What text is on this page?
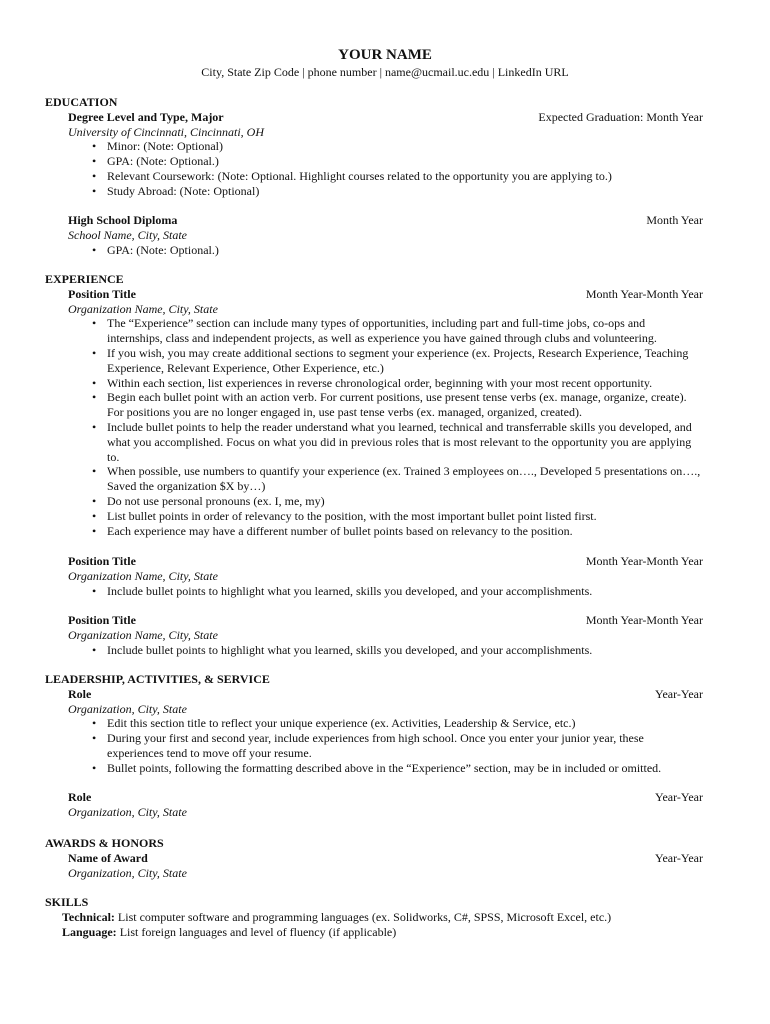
YOUR NAME
City, State Zip Code | phone number | name@ucmail.uc.edu | LinkedIn URL
EDUCATION
Degree Level and Type, Major	Expected Graduation: Month Year
University of Cincinnati, Cincinnati, OH
• Minor: (Note: Optional)
• GPA: (Note: Optional.)
• Relevant Coursework: (Note: Optional. Highlight courses related to the opportunity you are applying to.)
• Study Abroad: (Note: Optional)
High School Diploma	Month Year
School Name, City, State
• GPA: (Note: Optional.)
EXPERIENCE
Position Title	Month Year-Month Year
Organization Name, City, State
• The “Experience” section can include many types of opportunities, including part and full-time jobs, co-ops and internships, class and independent projects, as well as experience you have gained through clubs and volunteering.
• If you wish, you may create additional sections to segment your experience (ex. Projects, Research Experience, Teaching Experience, Relevant Experience, Other Experience, etc.)
• Within each section, list experiences in reverse chronological order, beginning with your most recent opportunity.
• Begin each bullet point with an action verb. For current positions, use present tense verbs (ex. manage, organize, create). For positions you are no longer engaged in, use past tense verbs (ex. managed, organized, created).
• Include bullet points to help the reader understand what you learned, technical and transferrable skills you developed, and what you accomplished. Focus on what you did in previous roles that is most relevant to the opportunity you are applying to.
• When possible, use numbers to quantify your experience (ex. Trained 3 employees on…., Developed 5 presentations on…., Saved the organization $X by…)
• Do not use personal pronouns (ex. I, me, my)
• List bullet points in order of relevancy to the position, with the most important bullet point listed first.
• Each experience may have a different number of bullet points based on relevancy to the position.
Position Title	Month Year-Month Year
Organization Name, City, State
• Include bullet points to highlight what you learned, skills you developed, and your accomplishments.
Position Title	Month Year-Month Year
Organization Name, City, State
• Include bullet points to highlight what you learned, skills you developed, and your accomplishments.
LEADERSHIP, ACTIVITIES, & SERVICE
Role	Year-Year
Organization, City, State
• Edit this section title to reflect your unique experience (ex. Activities, Leadership & Service, etc.)
• During your first and second year, include experiences from high school. Once you enter your junior year, these experiences tend to move off your resume.
• Bullet points, following the formatting described above in the “Experience” section, may be in included or omitted.
Role	Year-Year
Organization, City, State
AWARDS & HONORS
Name of Award	Year-Year
Organization, City, State
SKILLS
Technical: List computer software and programming languages (ex. Solidworks, C#, SPSS, Microsoft Excel, etc.)
Language: List foreign languages and level of fluency (if applicable)
